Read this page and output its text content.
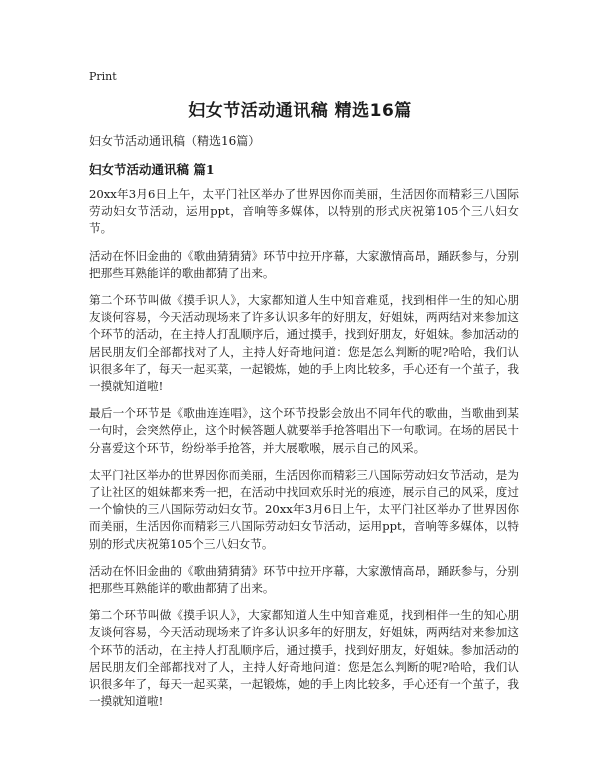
Print
妇女节活动通讯稿 精选16篇
妇女节活动通讯稿（精选16篇）
妇女节活动通讯稿 篇1

20xx年3月6日上午，太平门社区举办了世界因你而美丽，生活因你而精彩三八国际劳动妇女节活动，运用ppt，音响等多媒体，以特别的形式庆祝第105个三八妇女节。

活动在怀旧金曲的《歌曲猜猜猜》环节中拉开序幕，大家激情高昂，踊跃参与，分别把那些耳熟能详的歌曲都猜了出来。

第二个环节叫做《摸手识人》，大家都知道人生中知音难觅，找到相伴一生的知心朋友谈何容易，今天活动现场来了许多认识多年的好朋友，好姐妹，两两结对来参加这个环节的活动，在主持人打乱顺序后，通过摸手，找到好朋友，好姐妹。参加活动的居民朋友们全部都找对了人，主持人好奇地问道：您是怎么判断的呢?哈哈，我们认识很多年了，每天一起买菜，一起锻炼，她的手上肉比较多，手心还有一个茧子，我一摸就知道啦!

最后一个环节是《歌曲连连唱》，这个环节投影会放出不同年代的歌曲，当歌曲到某一句时，会突然停止，这个时候答题人就要举手抢答唱出下一句歌词。在场的居民十分喜爱这个环节，纷纷举手抢答，并大展歌喉，展示自己的风采。

太平门社区举办的世界因你而美丽，生活因你而精彩三八国际劳动妇女节活动，是为了让社区的姐妹都来秀一把，在活动中找回欢乐时光的痕迹，展示自己的风采，度过一个愉快的三八国际劳动妇女节。20xx年3月6日上午，太平门社区举办了世界因你而美丽，生活因你而精彩三八国际劳动妇女节活动，运用ppt，音响等多媒体，以特别的形式庆祝第105个三八妇女节。

活动在怀旧金曲的《歌曲猜猜猜》环节中拉开序幕，大家激情高昂，踊跃参与，分别把那些耳熟能详的歌曲都猜了出来。

第二个环节叫做《摸手识人》，大家都知道人生中知音难觅，找到相伴一生的知心朋友谈何容易，今天活动现场来了许多认识多年的好朋友，好姐妹，两两结对来参加这个环节的活动，在主持人打乱顺序后，通过摸手，找到好朋友，好姐妹。参加活动的居民朋友们全部都找对了人，主持人好奇地问道：您是怎么判断的呢?哈哈，我们认识很多年了，每天一起买菜，一起锻炼，她的手上肉比较多，手心还有一个茧子，我一摸就知道啦!
